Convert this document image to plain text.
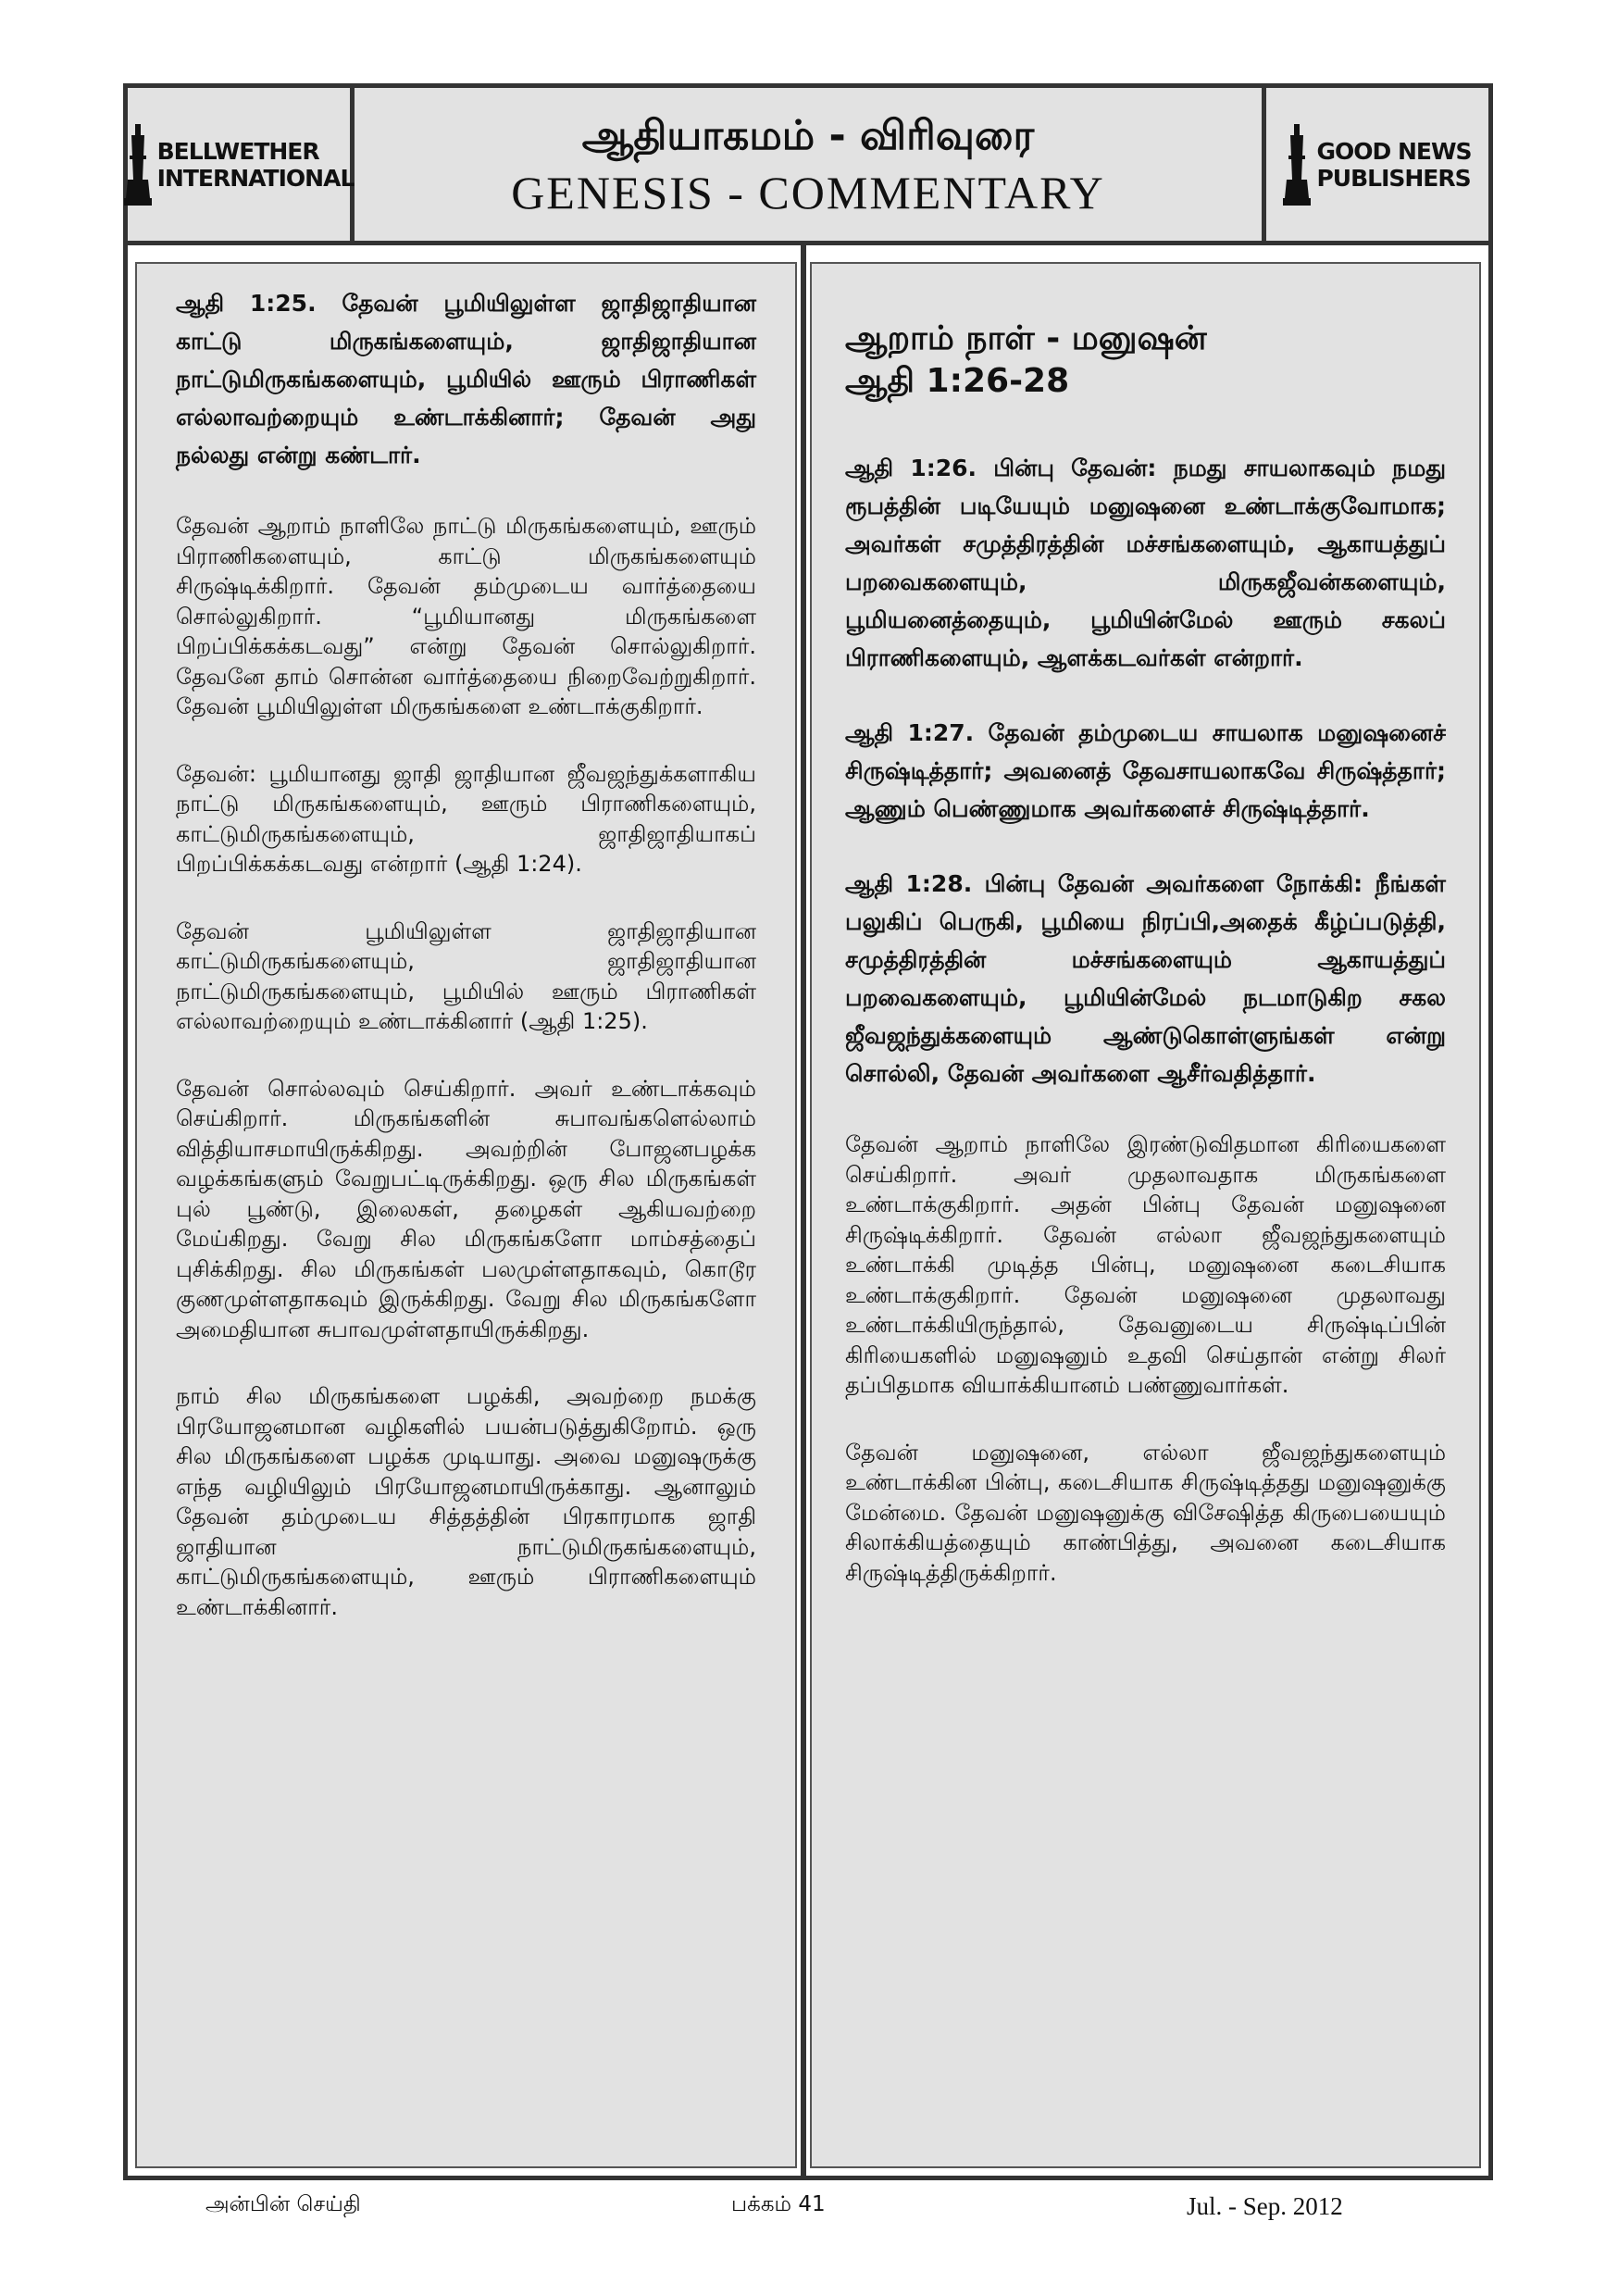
BELLWETHER
INTERNATIONAL
ஆதியாகமம் - விரிவுரை
GENESIS - COMMENTARY
GOOD NEWS
PUBLISHERS

ஆதி 1:25. தேவன் பூமியிலுள்ள ஜாதிஜாதியான காட்டு மிருகங்களையும், ஜாதிஜாதியான நாட்டுமிருகங்களையும், பூமியில் ஊரும் பிராணிகள் எல்லாவற்றையும் உண்டாக்கினார்; தேவன் அது நல்லது என்று கண்டார்.

தேவன் ஆறாம் நாளிலே நாட்டு மிருகங்களையும், ஊரும் பிராணிகளையும், காட்டு மிருகங்களையும் சிருஷ்டிக்கிறார். தேவன் தம்முடைய வார்த்தையை சொல்லுகிறார். “பூமியானது மிருகங்களை பிறப்பிக்கக்கடவது” என்று தேவன் சொல்லுகிறார். தேவனே தாம் சொன்ன வார்த்தையை நிறைவேற்றுகிறார். தேவன் பூமியிலுள்ள மிருகங்களை உண்டாக்குகிறார்.

தேவன்: பூமியானது ஜாதி ஜாதியான ஜீவஜந்துக்களாகிய நாட்டு மிருகங்களையும், ஊரும் பிராணிகளையும், காட்டுமிருகங்களையும், ஜாதிஜாதியாகப் பிறப்பிக்கக்கடவது என்றார் (ஆதி 1:24).

தேவன் பூமியிலுள்ள ஜாதிஜாதியான காட்டுமிருகங்களையும், ஜாதிஜாதியான நாட்டுமிருகங்களையும், பூமியில் ஊரும் பிராணிகள் எல்லாவற்றையும் உண்டாக்கினார் (ஆதி 1:25).

தேவன் சொல்லவும் செய்கிறார். அவர் உண்டாக்கவும் செய்கிறார். மிருகங்களின் சுபாவங்களெல்லாம் வித்தியாசமாயிருக்கிறது. அவற்றின் போஜனபழக்க வழக்கங்களும் வேறுபட்டிருக்கிறது. ஒரு சில மிருகங்கள் புல் பூண்டு, இலைகள், தழைகள் ஆகியவற்றை மேய்கிறது. வேறு சில மிருகங்களோ மாம்சத்தைப் புசிக்கிறது. சில மிருகங்கள் பலமுள்ளதாகவும், கொடூர குணமுள்ளதாகவும் இருக்கிறது. வேறு சில மிருகங்களோ அமைதியான சுபாவமுள்ளதாயிருக்கிறது.

நாம் சில மிருகங்களை பழக்கி, அவற்றை நமக்கு பிரயோஜனமான வழிகளில் பயன்படுத்துகிறோம். ஒரு சில மிருகங்களை பழக்க முடியாது. அவை மனுஷருக்கு எந்த வழியிலும் பிரயோஜனமாயிருக்காது. ஆனாலும் தேவன் தம்முடைய சித்தத்தின் பிரகாரமாக ஜாதி ஜாதியான நாட்டுமிருகங்களையும், காட்டுமிருகங்களையும், ஊரும் பிராணிகளையும் உண்டாக்கினார்.

ஆறாம் நாள் - மனுஷன்
ஆதி 1:26-28

ஆதி 1:26. பின்பு தேவன்: நமது சாயலாகவும் நமது ரூபத்தின் படியேயும் மனுஷனை உண்டாக்குவோமாக; அவர்கள் சமுத்திரத்தின் மச்சங்களையும், ஆகாயத்துப் பறவைகளையும், மிருகஜீவன்களையும், பூமியனைத்தையும், பூமியின்மேல் ஊரும் சகலப் பிராணிகளையும், ஆளக்கடவர்கள் என்றார்.

ஆதி 1:27. தேவன் தம்முடைய சாயலாக மனுஷனைச் சிருஷ்டித்தார்; அவனைத் தேவசாயலாகவே சிருஷ்த்தார்; ஆணும் பெண்ணுமாக அவர்களைச் சிருஷ்டித்தார்.

ஆதி 1:28. பின்பு தேவன் அவர்களை நோக்கி: நீங்கள் பலுகிப் பெருகி, பூமியை நிரப்பி,அதைக் கீழ்ப்படுத்தி, சமுத்திரத்தின் மச்சங்களையும் ஆகாயத்துப் பறவைகளையும், பூமியின்மேல் நடமாடுகிற சகல ஜீவஜந்துக்களையும் ஆண்டுகொள்ளுங்கள் என்று சொல்லி, தேவன் அவர்களை ஆசீர்வதித்தார்.

தேவன் ஆறாம் நாளிலே இரண்டுவிதமான கிரியைகளை செய்கிறார். அவர் முதலாவதாக மிருகங்களை உண்டாக்குகிறார். அதன் பின்பு தேவன் மனுஷனை சிருஷ்டிக்கிறார். தேவன் எல்லா ஜீவஜந்துகளையும் உண்டாக்கி முடித்த பின்பு, மனுஷனை கடைசியாக உண்டாக்குகிறார். தேவன் மனுஷனை முதலாவது உண்டாக்கியிருந்தால், தேவனுடைய சிருஷ்டிப்பின் கிரியைகளில் மனுஷனும் உதவி செய்தான் என்று சிலர் தப்பிதமாக வியாக்கியானம் பண்ணுவார்கள்.

தேவன் மனுஷனை, எல்லா ஜீவஜந்துகளையும் உண்டாக்கின பின்பு, கடைசியாக சிருஷ்டித்தது மனுஷனுக்கு மேன்மை. தேவன் மனுஷனுக்கு விசேஷித்த கிருபையையும் சிலாக்கியத்தையும் காண்பித்து, அவனை கடைசியாக சிருஷ்டித்திருக்கிறார்.

அன்பின் செய்தி	பக்கம் 41	Jul. - Sep. 2012
